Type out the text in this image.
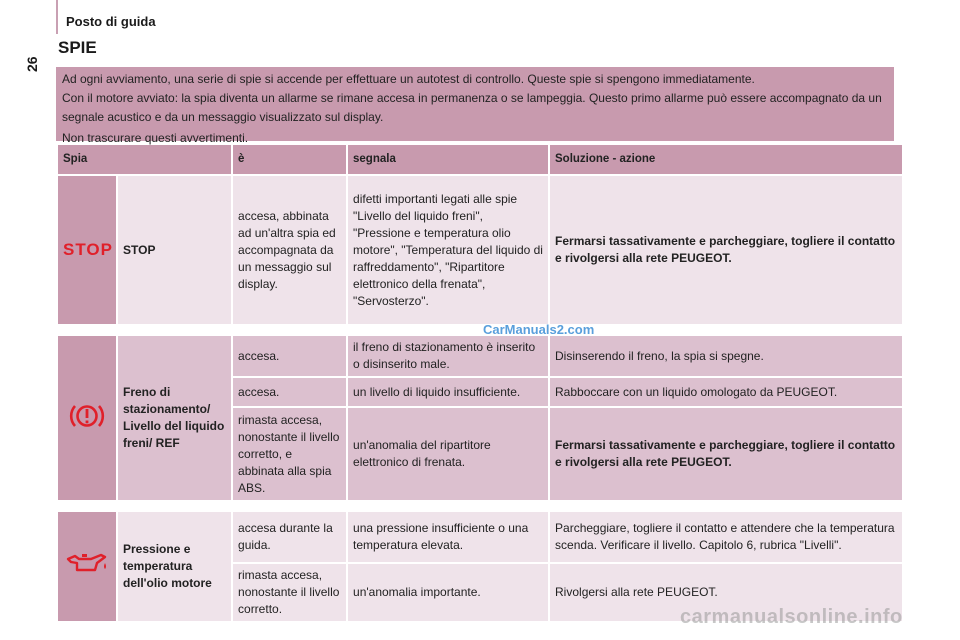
Posto di guida
26
SPIE

Ad ogni avviamento, una serie di spie si accende per effettuare un autotest di controllo. Queste spie si spengono immediatamente.

Con il motore avviato: la spia diventa un allarme se rimane accesa in permanenza o se lampeggia. Questo primo allarme può essere accompagnato da un segnale acustico e da un messaggio visualizzato sul display.

Non trascurare questi avvertimenti.

Spia		è	segnala	Soluzione - azione
STOP	STOP	accesa, abbinata ad un'altra spia ed accompagnata da un messaggio sul display.	difetti importanti legati alle spie "Livello del liquido freni", "Pressione e temperatura olio motore", "Temperatura del liquido di raffreddamento", "Ripartitore elettronico della frenata", "Servosterzo".	Fermarsi tassativamente e parcheggiare, togliere il contatto e rivolgersi alla rete PEUGEOT.

	Freno di stazionamento/ Livello del liquido freni/ REF	accesa.	il freno di stazionamento è inserito o disinserito male.	Disinserendo il freno, la spia si spegne.
		accesa.	un livello di liquido insufficiente.	Rabboccare con un liquido omologato da PEUGEOT.
		rimasta accesa, nonostante il livello corretto, e abbinata alla spia ABS.	un'anomalia del ripartitore elettronico di frenata.	Fermarsi tassativamente e parcheggiare, togliere il contatto e rivolgersi alla rete PEUGEOT.

	Pressione e temperatura dell'olio motore	accesa durante la guida.	una pressione insufficiente o una temperatura elevata.	Parcheggiare, togliere il contatto e attendere che la temperatura scenda. Verificare il livello. Capitolo 6, rubrica "Livelli".
		rimasta accesa, nonostante il livello corretto.	un'anomalia importante.	Rivolgersi alla rete PEUGEOT.
CarManuals2.com
carmanualsonline.info
